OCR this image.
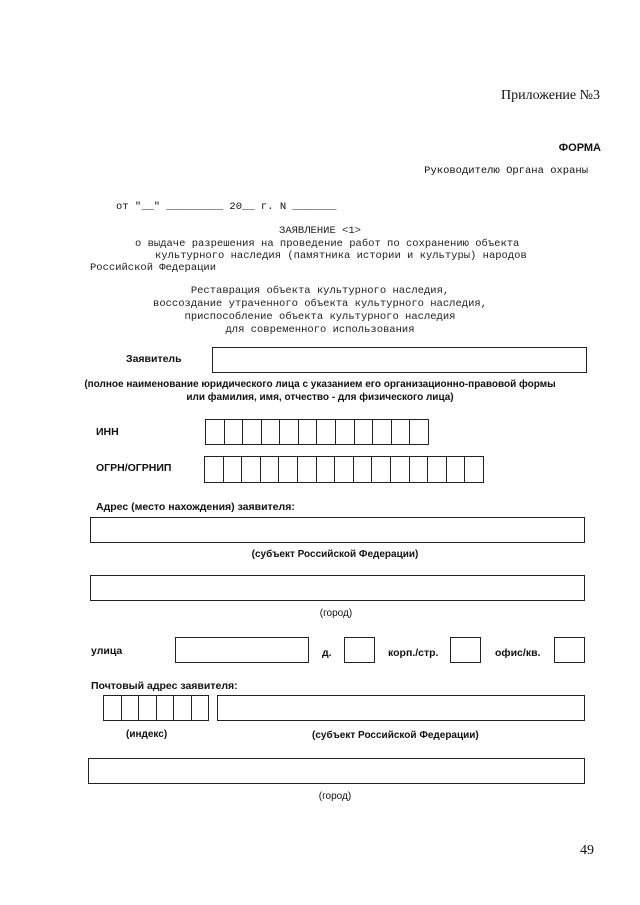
Приложение №3
ФОРМА
Руководителю Органа охраны
от "__" _________ 20__ г. N _______
ЗАЯВЛЕНИЕ <1>
о выдаче разрешения на проведение работ по сохранению объекта
культурного наследия (памятника истории и культуры) народов
Российской Федерации
Реставрация объекта культурного наследия,
воссоздание утраченного объекта культурного наследия,
приспособление объекта культурного наследия
для современного использования
Заявитель
(полное наименование юридического лица с указанием его организационно-правовой формы
или фамилия, имя, отчество - для физического лица)
ИНН
ОГРН/ОГРНИП
Адрес (место нахождения) заявителя:
(субъект Российской Федерации)
(город)
улица	д.	корп./стр.	офис/кв.
Почтовый адрес заявителя:
(индекс)	(субъект Российской Федерации)
(город)
49
